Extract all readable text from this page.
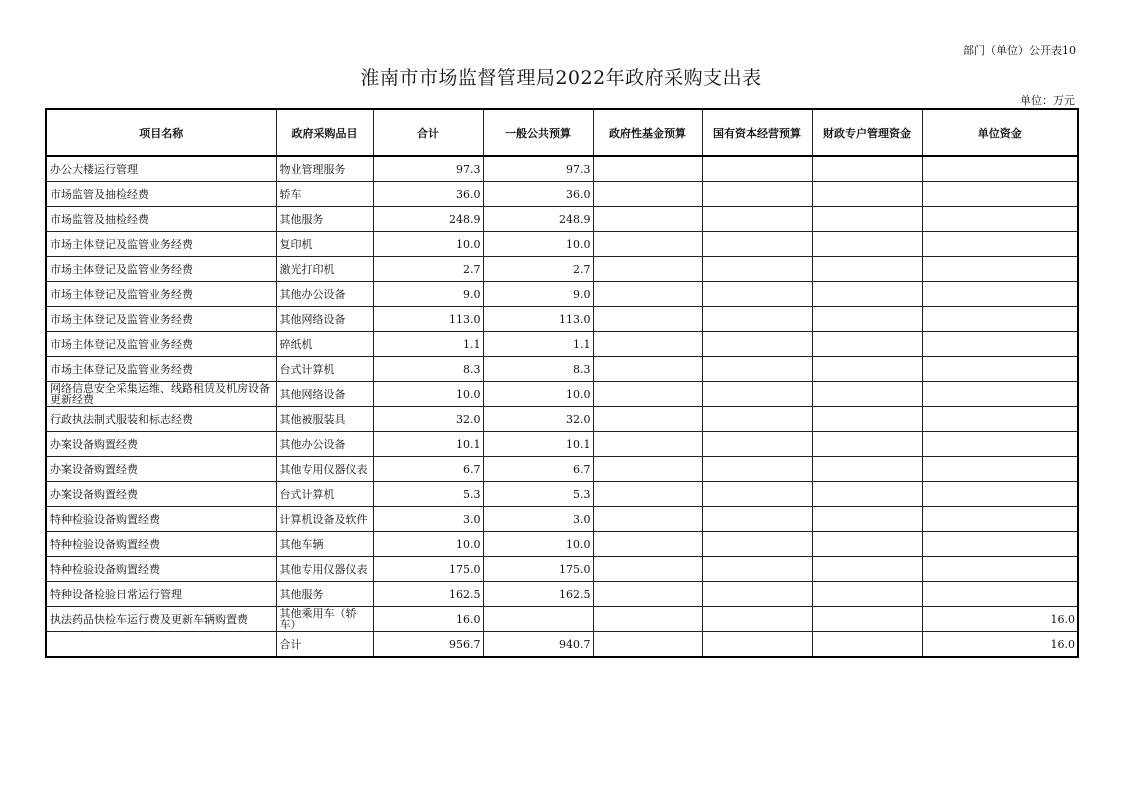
部门（单位）公开表10
淮南市市场监督管理局2022年政府采购支出表
单位：万元
项目名称	政府采购品目	合计	一般公共预算	政府性基金预算	国有资本经营预算	财政专户管理资金	单位资金
办公大楼运行管理	物业管理服务	97.3	97.3				
市场监管及抽检经费	轿车	36.0	36.0				
市场监管及抽检经费	其他服务	248.9	248.9				
市场主体登记及监管业务经费	复印机	10.0	10.0				
市场主体登记及监管业务经费	激光打印机	2.7	2.7				
市场主体登记及监管业务经费	其他办公设备	9.0	9.0				
市场主体登记及监管业务经费	其他网络设备	113.0	113.0				
市场主体登记及监管业务经费	碎纸机	1.1	1.1				
市场主体登记及监管业务经费	台式计算机	8.3	8.3				
网络信息安全采集运维、线路租赁及机房设备更新经费	其他网络设备	10.0	10.0				
行政执法制式服装和标志经费	其他被服装具	32.0	32.0				
办案设备购置经费	其他办公设备	10.1	10.1				
办案设备购置经费	其他专用仪器仪表	6.7	6.7				
办案设备购置经费	台式计算机	5.3	5.3				
特种检验设备购置经费	计算机设备及软件	3.0	3.0				
特种检验设备购置经费	其他车辆	10.0	10.0				
特种检验设备购置经费	其他专用仪器仪表	175.0	175.0				
特种设备检验日常运行管理	其他服务	162.5	162.5				
执法药品快检车运行费及更新车辆购置费	其他乘用车（轿车）	16.0					16.0
	合计	956.7	940.7				16.0
